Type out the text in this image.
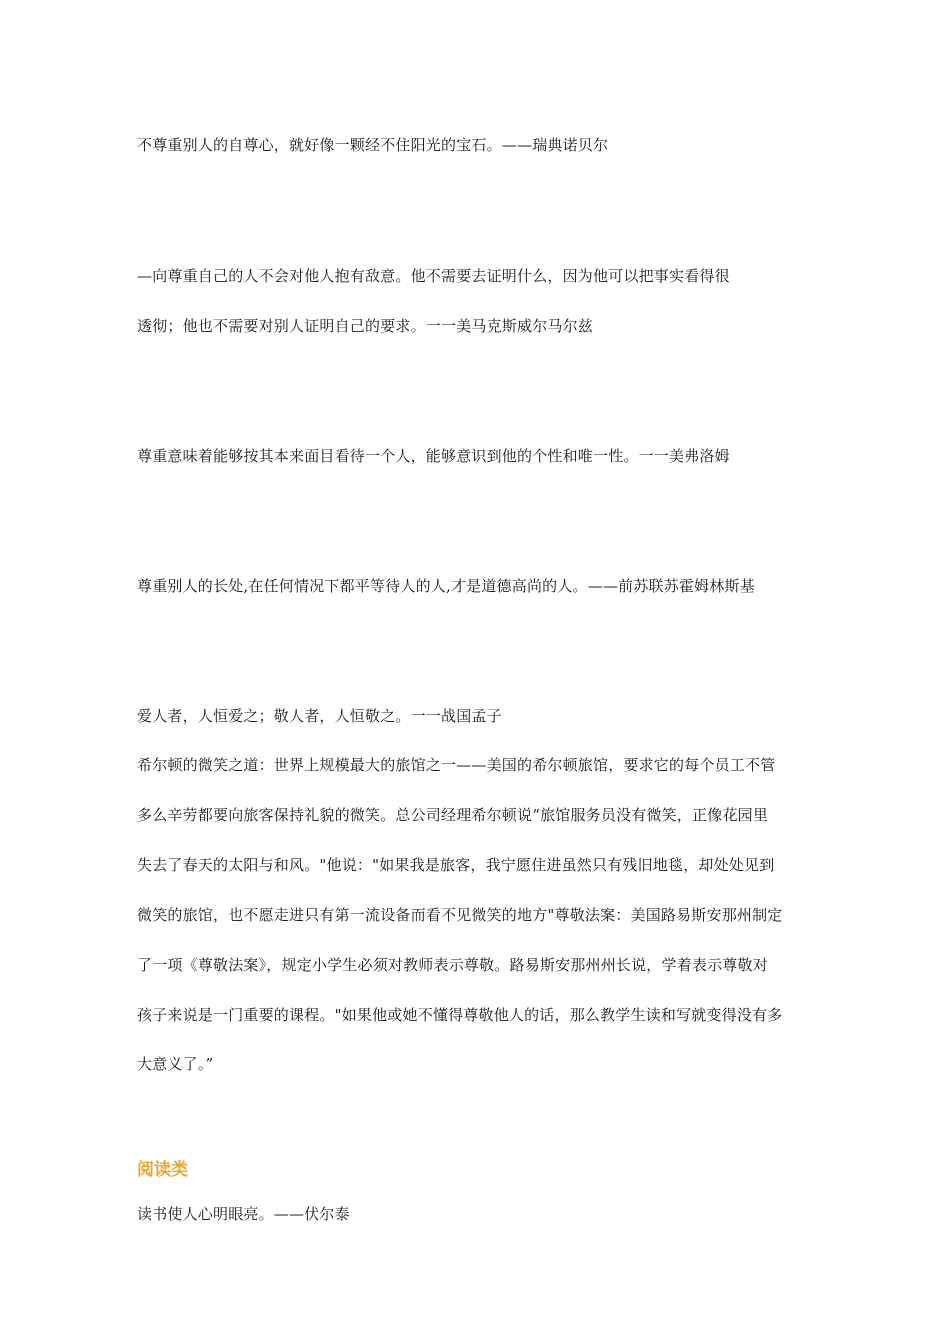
不尊重别人的自尊心，就好像一颗经不住阳光的宝石。——瑞典诺贝尔
—向尊重自己的人不会对他人抱有敌意。他不需要去证明什么，因为他可以把事实看得很
透彻；他也不需要对别人证明自己的要求。一一美马克斯威尔马尔兹
尊重意味着能够按其本来面目看待一个人，能够意识到他的个性和唯一性。一一美弗洛姆
尊重别人的长处,在任何情况下都平等待人的人,才是道德高尚的人。——前苏联苏霍姆林斯基
爱人者，人恒爱之；敬人者，人恒敬之。一一战国孟子
希尔顿的微笑之道：世界上规模最大的旅馆之一——美国的希尔顿旅馆，要求它的每个员工不管
多么辛劳都要向旅客保持礼貌的微笑。总公司经理希尔顿说“旅馆服务员没有微笑，正像花园里
失去了春天的太阳与和风。"他说："如果我是旅客，我宁愿住进虽然只有残旧地毯，却处处见到
微笑的旅馆，也不愿走进只有第一流设备而看不见微笑的地方"尊敬法案：美国路易斯安那州制定
了一项《尊敬法案》，规定小学生必须对教师表示尊敬。路易斯安那州州长说，学着表示尊敬对
孩子来说是一门重要的课程。"如果他或她不懂得尊敬他人的话，那么教学生读和写就变得没有多
大意义了。”
阅读类
读书使人心明眼亮。——伏尔泰
